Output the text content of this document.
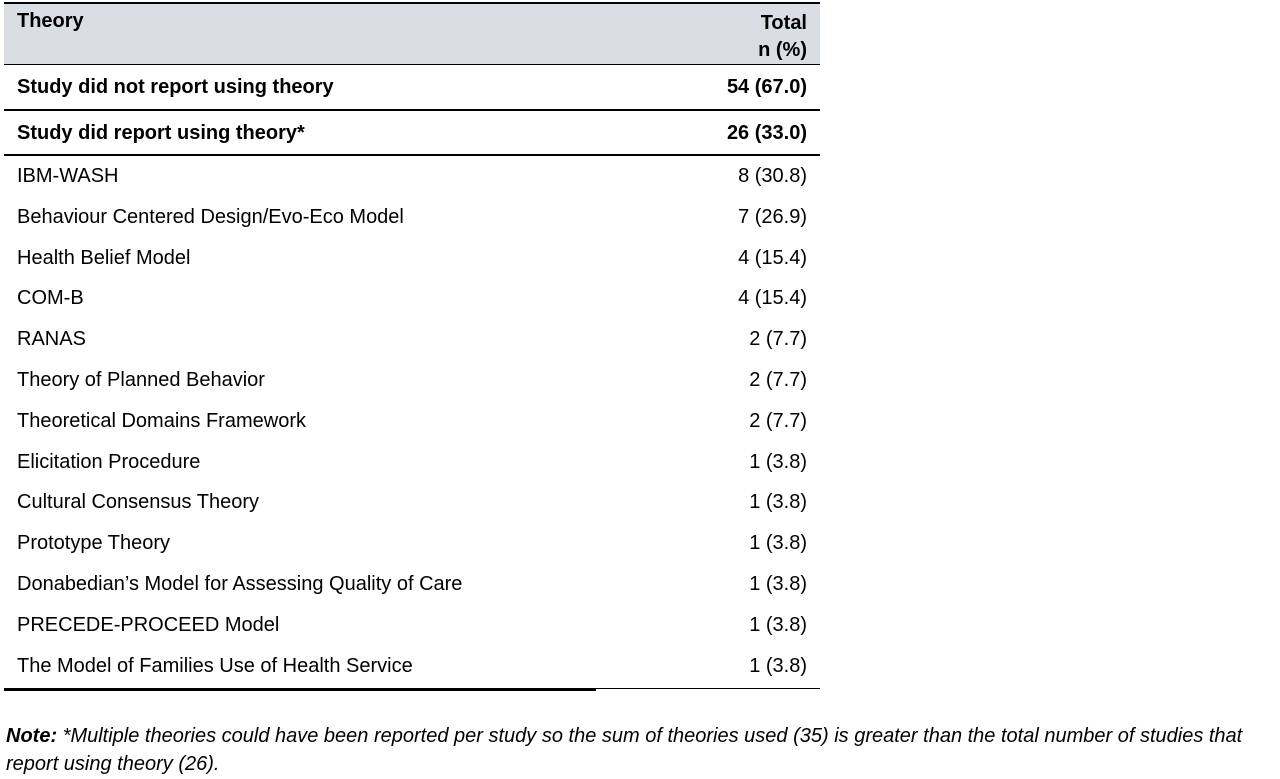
Theory	Total
n (%)
Study did not report using theory	54 (67.0)
Study did report using theory*	26 (33.0)
IBM-WASH	8 (30.8)
Behaviour Centered Design/Evo-Eco Model	7 (26.9)
Health Belief Model	4 (15.4)
COM-B	4 (15.4)
RANAS	2 (7.7)
Theory of Planned Behavior	2 (7.7)
Theoretical Domains Framework	2 (7.7)
Elicitation Procedure	1 (3.8)
Cultural Consensus Theory	1 (3.8)
Prototype Theory	1 (3.8)
Donabedian’s Model for Assessing Quality of Care	1 (3.8)
PRECEDE-PROCEED Model	1 (3.8)
The Model of Families Use of Health Service	1 (3.8)
Note: *Multiple theories could have been reported per study so the sum of theories used (35) is greater than the total number of studies that report using theory (26).
